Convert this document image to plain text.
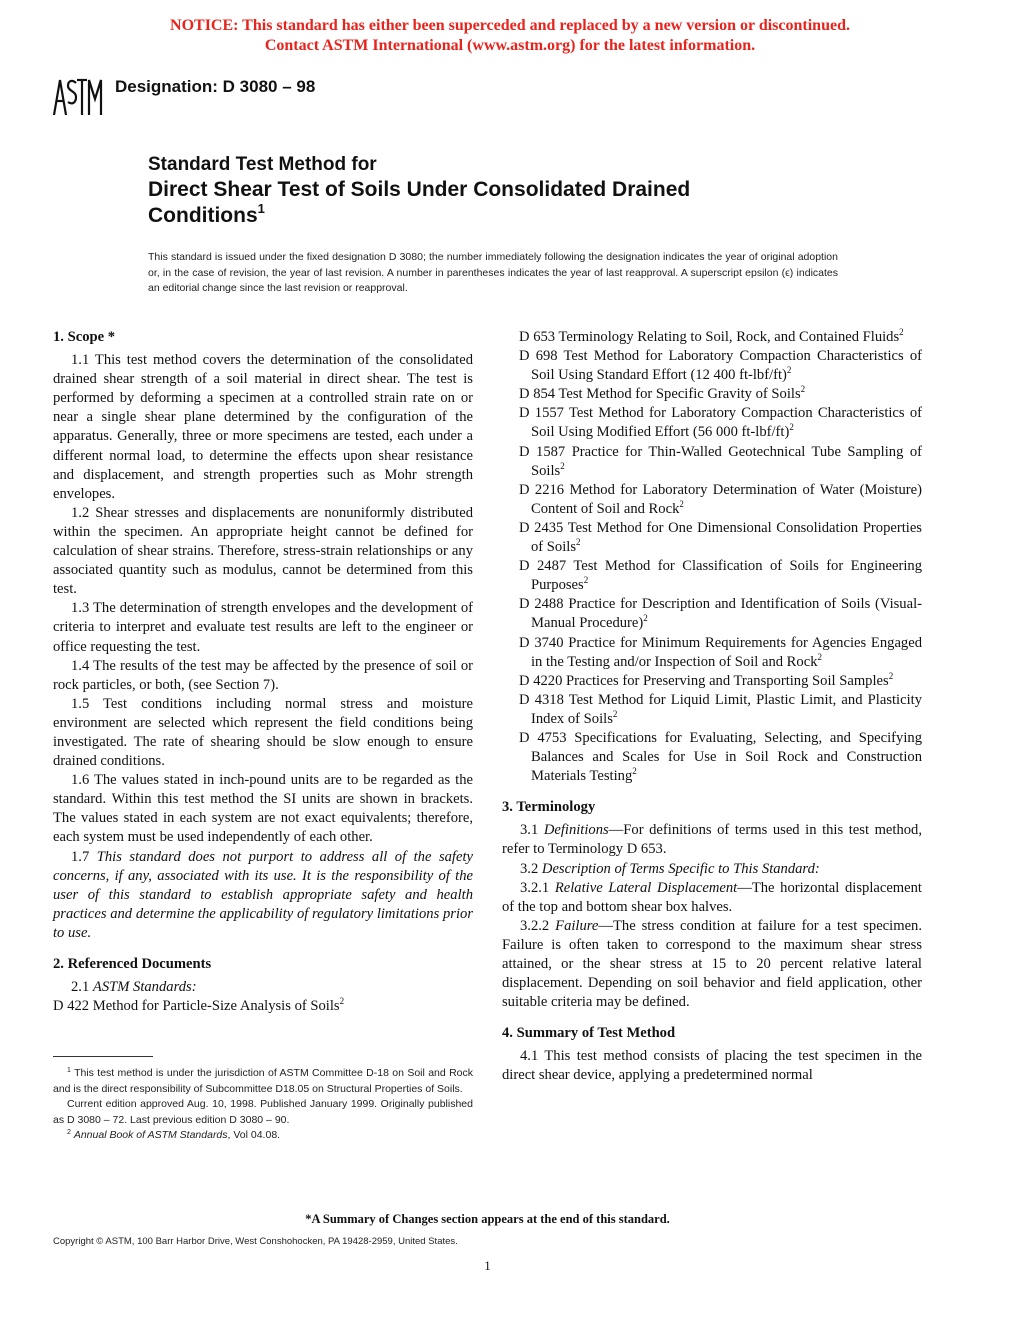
NOTICE: This standard has either been superceded and replaced by a new version or discontinued.
Contact ASTM International (www.astm.org) for the latest information.
Designation: D 3080 – 98
Standard Test Method for
Direct Shear Test of Soils Under Consolidated Drained
Conditions$^1$
This standard is issued under the fixed designation D 3080; the number immediately following the designation indicates the year of original adoption or, in the case of revision, the year of last revision. A number in parentheses indicates the year of last reapproval. A superscript epsilon (ϵ) indicates an editorial change since the last revision or reapproval.

1. Scope *

1.1 This test method covers the determination of the consolidated drained shear strength of a soil material in direct shear. The test is performed by deforming a specimen at a controlled strain rate on or near a single shear plane determined by the configuration of the apparatus. Generally, three or more specimens are tested, each under a different normal load, to determine the effects upon shear resistance and displacement, and strength properties such as Mohr strength envelopes.

1.2 Shear stresses and displacements are nonuniformly distributed within the specimen. An appropriate height cannot be defined for calculation of shear strains. Therefore, stress-strain relationships or any associated quantity such as modulus, cannot be determined from this test.

1.3 The determination of strength envelopes and the development of criteria to interpret and evaluate test results are left to the engineer or office requesting the test.

1.4 The results of the test may be affected by the presence of soil or rock particles, or both, (see Section 7).

1.5 Test conditions including normal stress and moisture environment are selected which represent the field conditions being investigated. The rate of shearing should be slow enough to ensure drained conditions.

1.6 The values stated in inch-pound units are to be regarded as the standard. Within this test method the SI units are shown in brackets. The values stated in each system are not exact equivalents; therefore, each system must be used independently of each other.

1.7 This standard does not purport to address all of the safety concerns, if any, associated with its use. It is the responsibility of the user of this standard to establish appropriate safety and health practices and determine the applicability of regulatory limitations prior to use.

2. Referenced Documents

2.1 ASTM Standards:

D 422 Method for Particle-Size Analysis of Soils$^2$

D 653 Terminology Relating to Soil, Rock, and Contained Fluids$^2$

D 698 Test Method for Laboratory Compaction Characteristics of Soil Using Standard Effort (12 400 ft-lbf/ft)$^2$

D 854 Test Method for Specific Gravity of Soils$^2$

D 1557 Test Method for Laboratory Compaction Characteristics of Soil Using Modified Effort (56 000 ft-lbf/ft)$^2$

D 1587 Practice for Thin-Walled Geotechnical Tube Sampling of Soils$^2$

D 2216 Method for Laboratory Determination of Water (Moisture) Content of Soil and Rock$^2$

D 2435 Test Method for One Dimensional Consolidation Properties of Soils$^2$

D 2487 Test Method for Classification of Soils for Engineering Purposes$^2$

D 2488 Practice for Description and Identification of Soils (Visual-Manual Procedure)$^2$

D 3740 Practice for Minimum Requirements for Agencies Engaged in the Testing and/or Inspection of Soil and Rock$^2$

D 4220 Practices for Preserving and Transporting Soil Samples$^2$

D 4318 Test Method for Liquid Limit, Plastic Limit, and Plasticity Index of Soils$^2$

D 4753 Specifications for Evaluating, Selecting, and Specifying Balances and Scales for Use in Soil Rock and Construction Materials Testing$^2$

3. Terminology

3.1 Definitions—For definitions of terms used in this test method, refer to Terminology D 653.

3.2 Description of Terms Specific to This Standard:

3.2.1 Relative Lateral Displacement—The horizontal displacement of the top and bottom shear box halves.

3.2.2 Failure—The stress condition at failure for a test specimen. Failure is often taken to correspond to the maximum shear stress attained, or the shear stress at 15 to 20 percent relative lateral displacement. Depending on soil behavior and field application, other suitable criteria may be defined.

4. Summary of Test Method

4.1 This test method consists of placing the test specimen in the direct shear device, applying a predetermined normal

$^1$ This test method is under the jurisdiction of ASTM Committee D-18 on Soil and Rock and is the direct responsibility of Subcommittee D18.05 on Structural Properties of Soils.

Current edition approved Aug. 10, 1998. Published January 1999. Originally published as D 3080 – 72. Last previous edition D 3080 – 90.

$^2$ Annual Book of ASTM Standards, Vol 04.08.

*A Summary of Changes section appears at the end of this standard.
Copyright © ASTM, 100 Barr Harbor Drive, West Conshohocken, PA 19428-2959, United States.
1
